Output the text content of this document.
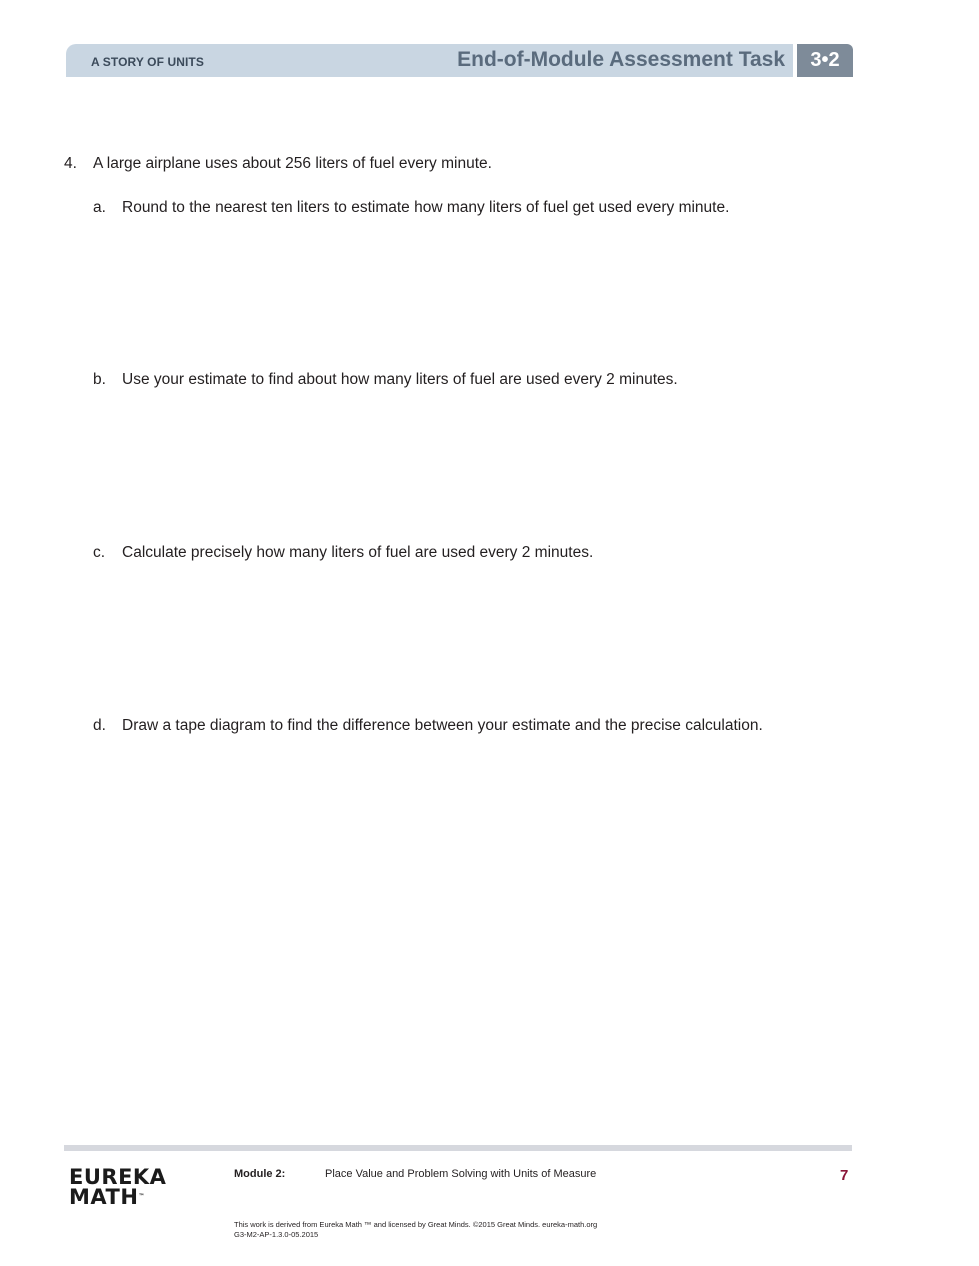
A STORY OF UNITS	End-of-Module Assessment Task	3•2
4. A large airplane uses about 256 liters of fuel every minute.
a. Round to the nearest ten liters to estimate how many liters of fuel get used every minute.
b. Use your estimate to find about how many liters of fuel are used every 2 minutes.
c. Calculate precisely how many liters of fuel are used every 2 minutes.
d. Draw a tape diagram to find the difference between your estimate and the precise calculation.
EUREKA
MATH™
Module 2:	Place Value and Problem Solving with Units of Measure	7
This work is derived from Eureka Math ™ and licensed by Great Minds. ©2015 Great Minds. eureka-math.org
G3-M2-AP-1.3.0-05.2015
